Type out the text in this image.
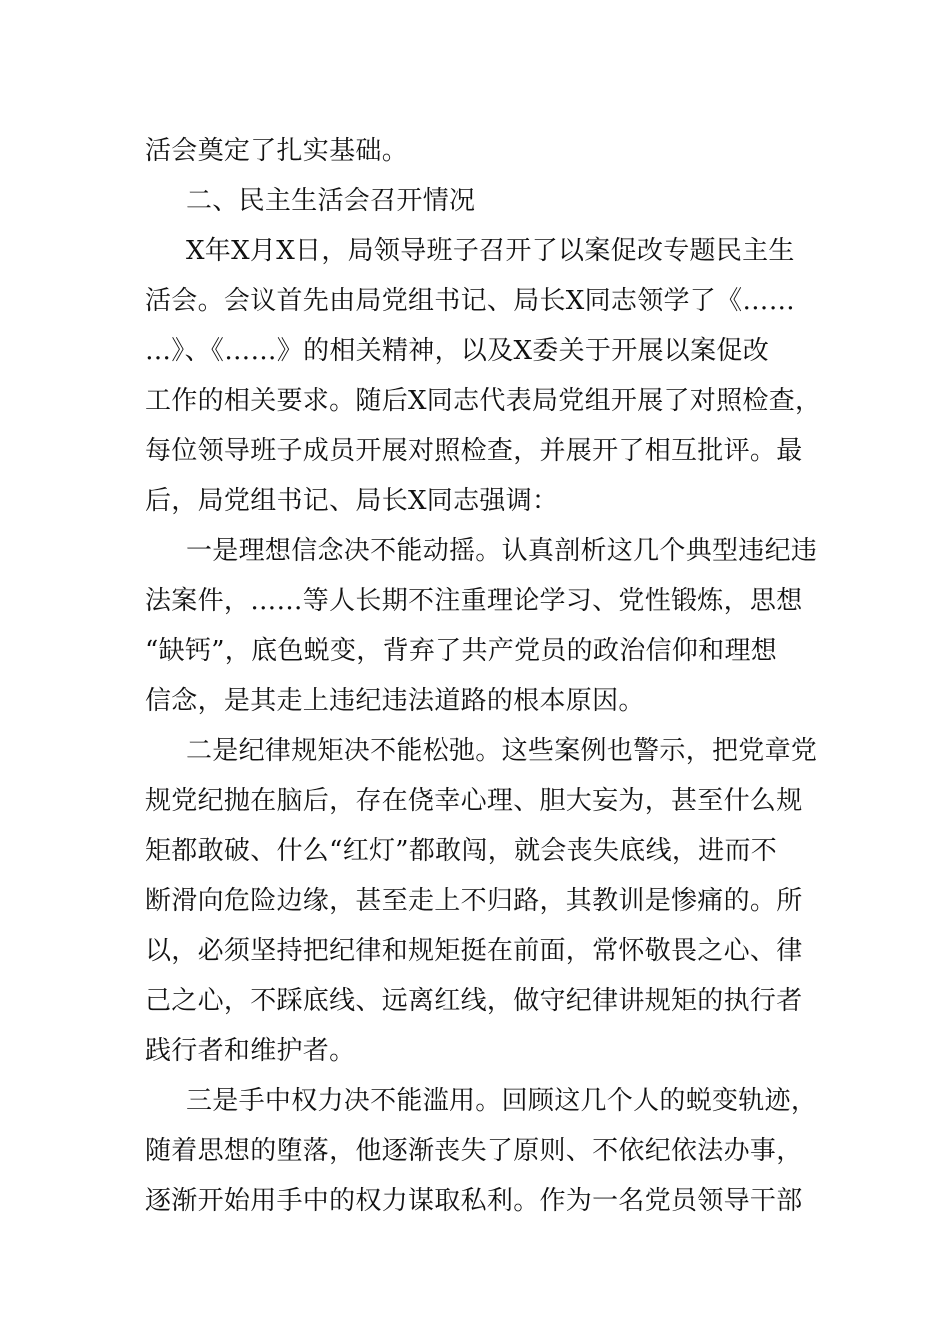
活会奠定了扎实基础。

二、民主生活会召开情况

X年X月X日，局领导班子召开了以案促改专题民主生

活会。会议首先由局党组书记、局长X同志领学了《……

…》、《……》的相关精神，以及X委关于开展以案促改

工作的相关要求。随后X同志代表局党组开展了对照检查，

每位领导班子成员开展对照检查，并展开了相互批评。最

后，局党组书记、局长X同志强调：

一是理想信念决不能动摇。认真剖析这几个典型违纪违

法案件，……等人长期不注重理论学习、党性锻炼，思想

“缺钙”，底色蜕变，背弃了共产党员的政治信仰和理想

信念，是其走上违纪违法道路的根本原因。

二是纪律规矩决不能松弛。这些案例也警示，把党章党

规党纪抛在脑后，存在侥幸心理、胆大妄为，甚至什么规

矩都敢破、什么“红灯”都敢闯，就会丧失底线，进而不

断滑向危险边缘，甚至走上不归路，其教训是惨痛的。所

以，必须坚持把纪律和规矩挺在前面，常怀敬畏之心、律

己之心，不踩底线、远离红线，做守纪律讲规矩的执行者

践行者和维护者。

三是手中权力决不能滥用。回顾这几个人的蜕变轨迹，

随着思想的堕落，他逐渐丧失了原则、不依纪依法办事，

逐渐开始用手中的权力谋取私利。作为一名党员领导干部
